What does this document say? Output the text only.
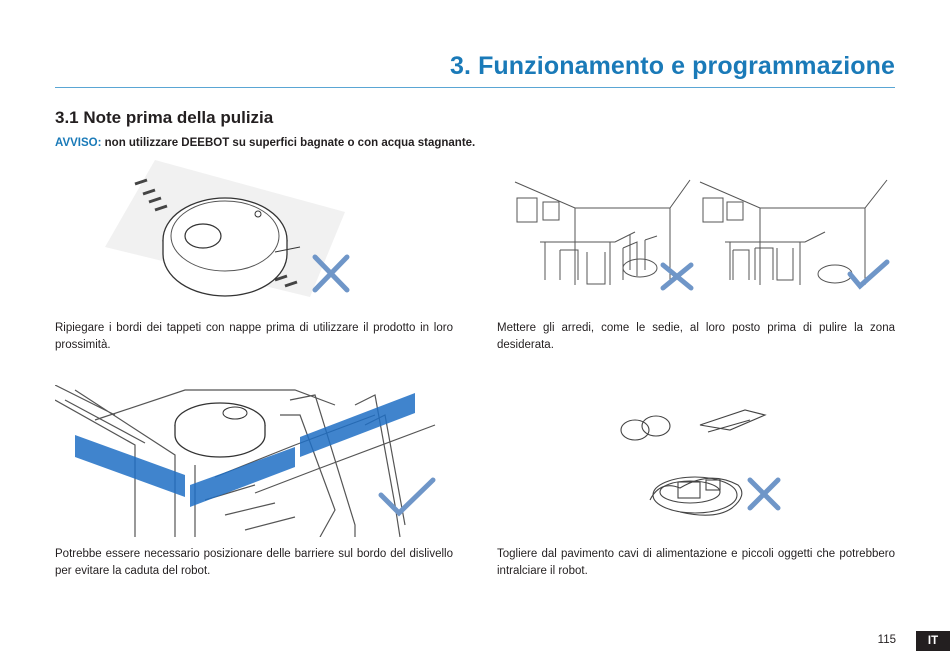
3. Funzionamento e programmazione
3.1 Note prima della pulizia

AVVISO: non utilizzare DEEBOT su superfici bagnate o con acqua stagnante.

Ripiegare i bordi dei tappeti con nappe prima di utilizzare il prodotto in loro prossimità.

Mettere gli arredi, come le sedie, al loro posto prima di pulire la zona desiderata.

Potrebbe essere necessario posizionare delle barriere sul bordo del dislivello per evitare la caduta del robot.

Togliere dal pavimento cavi di alimentazione e piccoli oggetti che potrebbero intralciare il robot.

115	IT
